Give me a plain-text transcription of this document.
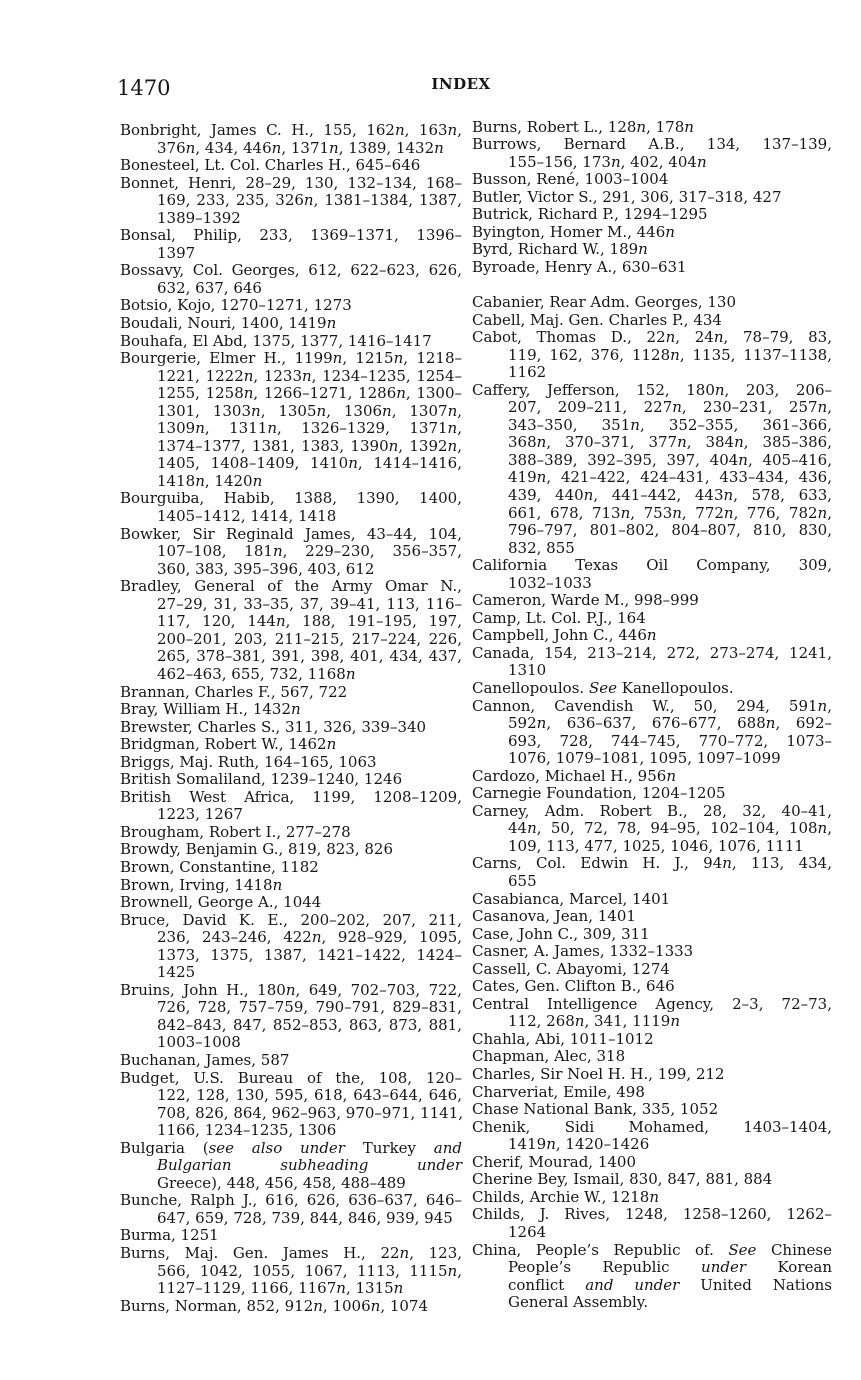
1470	INDEX
Bonbright, James C. H., 155, 162n, 163n,
376n, 434, 446n, 1371n, 1389, 1432n
Bonesteel, Lt. Col. Charles H., 645–646
Bonnet, Henri, 28–29, 130, 132–134, 168–
169, 233, 235, 326n, 1381–1384, 1387,
1389–1392
Bonsal, Philip, 233, 1369–1371, 1396–
1397
Bossavy, Col. Georges, 612, 622–623, 626,
632, 637, 646
Botsio, Kojo, 1270–1271, 1273
Boudali, Nouri, 1400, 1419n
Bouhafa, El Abd, 1375, 1377, 1416–1417
Bourgerie, Elmer H., 1199n, 1215n, 1218–
1221, 1222n, 1233n, 1234–1235, 1254–
1255, 1258n, 1266–1271, 1286n, 1300–
1301, 1303n, 1305n, 1306n, 1307n,
1309n, 1311n, 1326–1329, 1371n,
1374–1377, 1381, 1383, 1390n, 1392n,
1405, 1408–1409, 1410n, 1414–1416,
1418n, 1420n
Bourguiba, Habib, 1388, 1390, 1400,
1405–1412, 1414, 1418
Bowker, Sir Reginald James, 43–44, 104,
107–108, 181n, 229–230, 356–357,
360, 383, 395–396, 403, 612
Bradley, General of the Army Omar N.,
27–29, 31, 33–35, 37, 39–41, 113, 116–
117, 120, 144n, 188, 191–195, 197,
200–201, 203, 211–215, 217–224, 226,
265, 378–381, 391, 398, 401, 434, 437,
462–463, 655, 732, 1168n
Brannan, Charles F., 567, 722
Bray, William H., 1432n
Brewster, Charles S., 311, 326, 339–340
Bridgman, Robert W., 1462n
Briggs, Maj. Ruth, 164–165, 1063
British Somaliland, 1239–1240, 1246
British West Africa, 1199, 1208–1209,
1223, 1267
Brougham, Robert I., 277–278
Browdy, Benjamin G., 819, 823, 826
Brown, Constantine, 1182
Brown, Irving, 1418n
Brownell, George A., 1044
Bruce, David K. E., 200–202, 207, 211,
236, 243–246, 422n, 928–929, 1095,
1373, 1375, 1387, 1421–1422, 1424–
1425
Bruins, John H., 180n, 649, 702–703, 722,
726, 728, 757–759, 790–791, 829–831,
842–843, 847, 852–853, 863, 873, 881,
1003–1008
Buchanan, James, 587
Budget, U.S. Bureau of the, 108, 120–
122, 128, 130, 595, 618, 643–644, 646,
708, 826, 864, 962–963, 970–971, 1141,
1166, 1234–1235, 1306
Bulgaria (see also under Turkey and
Bulgarian subheading under
Greece), 448, 456, 458, 488–489
Bunche, Ralph J., 616, 626, 636–637, 646–
647, 659, 728, 739, 844, 846, 939, 945
Burma, 1251
Burns, Maj. Gen. James H., 22n, 123,
566, 1042, 1055, 1067, 1113, 1115n,
1127–1129, 1166, 1167n, 1315n
Burns, Norman, 852, 912n, 1006n, 1074
Burns, Robert L., 128n, 178n
Burrows, Bernard A.B., 134, 137–139,
155–156, 173n, 402, 404n
Busson, René, 1003–1004
Butler, Victor S., 291, 306, 317–318, 427
Butrick, Richard P., 1294–1295
Byington, Homer M., 446n
Byrd, Richard W., 189n
Byroade, Henry A., 630–631
Cabanier, Rear Adm. Georges, 130
Cabell, Maj. Gen. Charles P., 434
Cabot, Thomas D., 22n, 24n, 78–79, 83,
119, 162, 376, 1128n, 1135, 1137–1138,
1162
Caffery, Jefferson, 152, 180n, 203, 206–
207, 209–211, 227n, 230–231, 257n,
343–350, 351n, 352–355, 361–366,
368n, 370–371, 377n, 384n, 385–386,
388–389, 392–395, 397, 404n, 405–416,
419n, 421–422, 424–431, 433–434, 436,
439, 440n, 441–442, 443n, 578, 633,
661, 678, 713n, 753n, 772n, 776, 782n,
796–797, 801–802, 804–807, 810, 830,
832, 855
California Texas Oil Company, 309,
1032–1033
Cameron, Warde M., 998–999
Camp, Lt. Col. P.J., 164
Campbell, John C., 446n
Canada, 154, 213–214, 272, 273–274, 1241,
1310
Canellopoulos. See Kanellopoulos.
Cannon, Cavendish W., 50, 294, 591n,
592n, 636–637, 676–677, 688n, 692–
693, 728, 744–745, 770–772, 1073–
1076, 1079–1081, 1095, 1097–1099
Cardozo, Michael H., 956n
Carnegie Foundation, 1204–1205
Carney, Adm. Robert B., 28, 32, 40–41,
44n, 50, 72, 78, 94–95, 102–104, 108n,
109, 113, 477, 1025, 1046, 1076, 1111
Carns, Col. Edwin H. J., 94n, 113, 434,
655
Casabianca, Marcel, 1401
Casanova, Jean, 1401
Case, John C., 309, 311
Casner, A. James, 1332–1333
Cassell, C. Abayomi, 1274
Cates, Gen. Clifton B., 646
Central Intelligence Agency, 2–3, 72–73,
112, 268n, 341, 1119n
Chahla, Abi, 1011–1012
Chapman, Alec, 318
Charles, Sir Noel H. H., 199, 212
Charveriat, Emile, 498
Chase National Bank, 335, 1052
Chenik, Sidi Mohamed, 1403–1404,
1419n, 1420–1426
Cherif, Mourad, 1400
Cherine Bey, Ismail, 830, 847, 881, 884
Childs, Archie W., 1218n
Childs, J. Rives, 1248, 1258–1260, 1262–
1264
China, People’s Republic of. See Chinese
People’s Republic under Korean
conflict and under United Nations
General Assembly.
